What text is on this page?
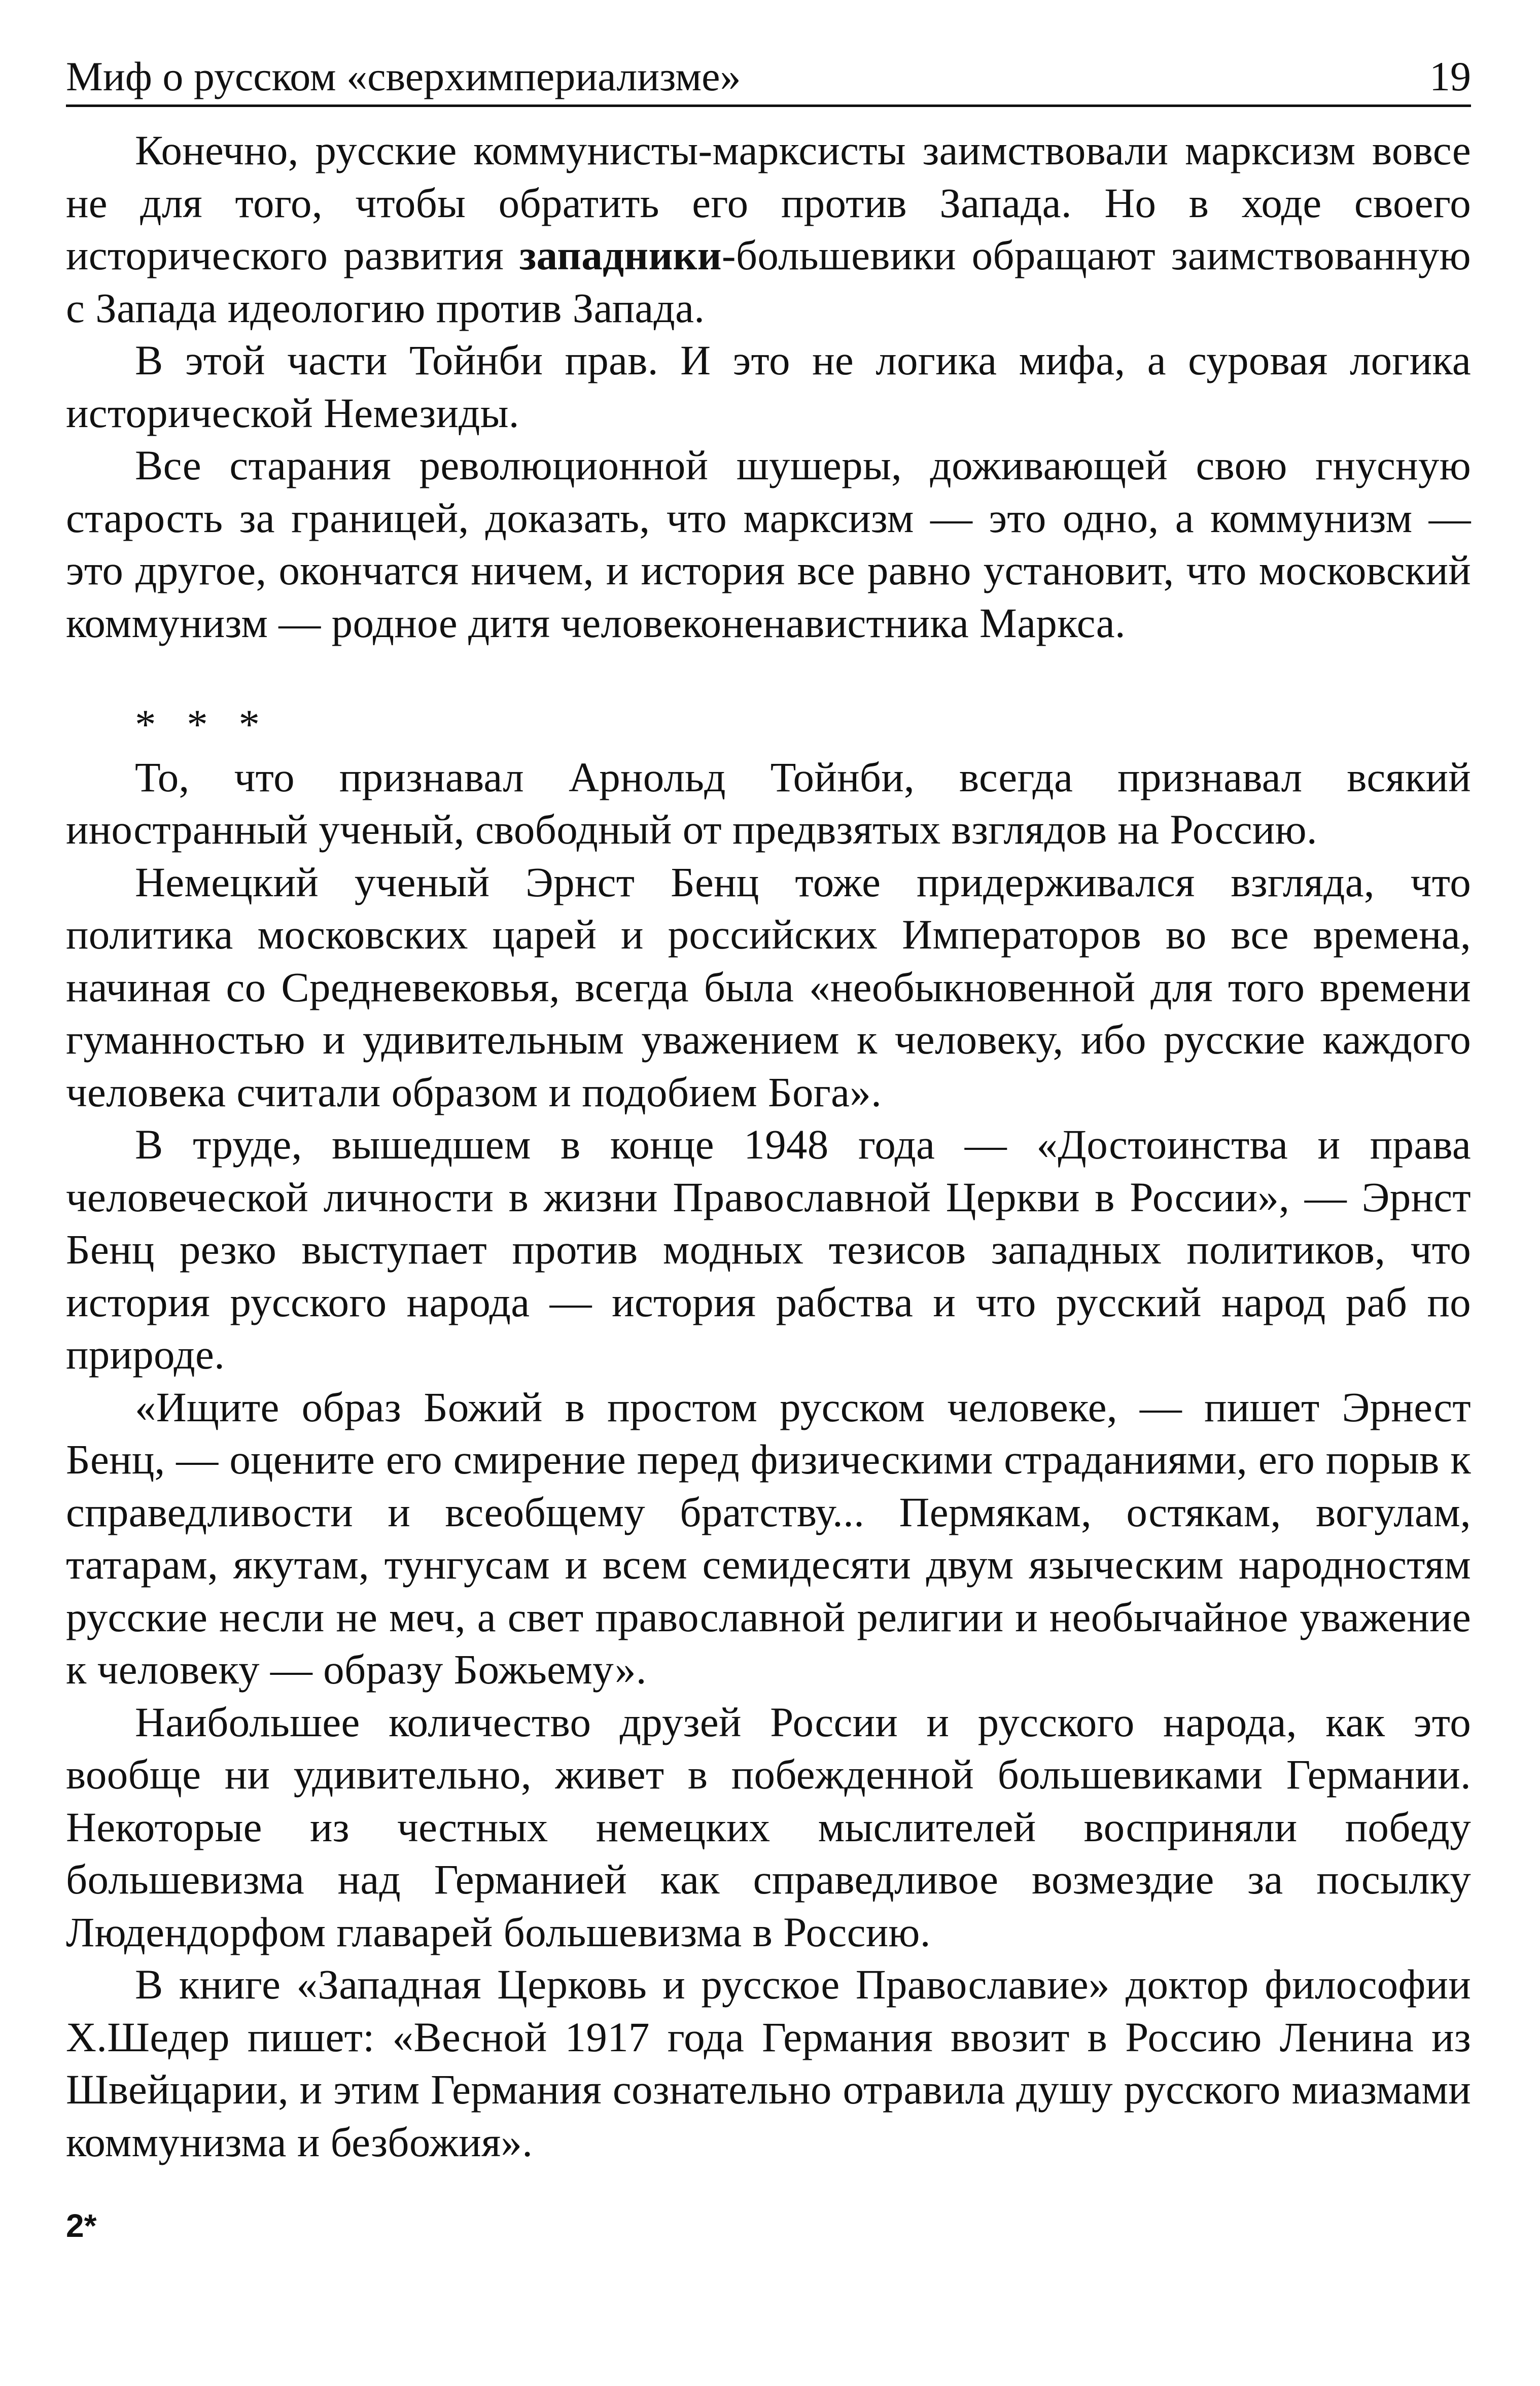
Миф о русском «сверхимпериализме»	19

Конечно, русские коммунисты-марксисты заимствовали марксизм вовсе не для того, чтобы обратить его против Запада. Но в ходе своего исторического развития западники-большевики обращают заимствованную с Запада идеологию против Запада.

В этой части Тойнби прав. И это не логика мифа, а суровая логика исторической Немезиды.

Все старания революционной шушеры, доживающей свою гнусную старость за границей, доказать, что марксизм — это одно, а коммунизм — это другое, окончатся ничем, и история все равно установит, что московский коммунизм — родное дитя человеконенавистника Маркса.

* * *

То, что признавал Арнольд Тойнби, всегда признавал всякий иностранный ученый, свободный от предвзятых взглядов на Россию.

Немецкий ученый Эрнст Бенц тоже придерживался взгляда, что политика московских царей и российских Императоров во все времена, начиная со Средневековья, всегда была «необыкновенной для того времени гуманностью и удивительным уважением к человеку, ибо русские каждого человека считали образом и подобием Бога».

В труде, вышедшем в конце 1948 года — «Достоинства и права человеческой личности в жизни Православной Церкви в России», — Эрнст Бенц резко выступает против модных тезисов западных политиков, что история русского народа — история рабства и что русский народ раб по природе.

«Ищите образ Божий в простом русском человеке, — пишет Эрнест Бенц, — оцените его смирение перед физическими страданиями, его порыв к справедливости и всеобщему братству... Пермякам, остякам, вогулам, татарам, якутам, тунгусам и всем семидесяти двум языческим народностям русские несли не меч, а свет православной религии и необычайное уважение к человеку — образу Божьему».

Наибольшее количество друзей России и русского народа, как это вообще ни удивительно, живет в побежденной большевиками Германии. Некоторые из честных немецких мыслителей восприняли победу большевизма над Германией как справедливое возмездие за посылку Людендорфом главарей большевизма в Россию.

В книге «Западная Церковь и русское Православие» доктор философии Х.Шедер пишет: «Весной 1917 года Германия ввозит в Россию Ленина из Швейцарии, и этим Германия сознательно отравила душу русского миазмами коммунизма и безбожия».

2*
